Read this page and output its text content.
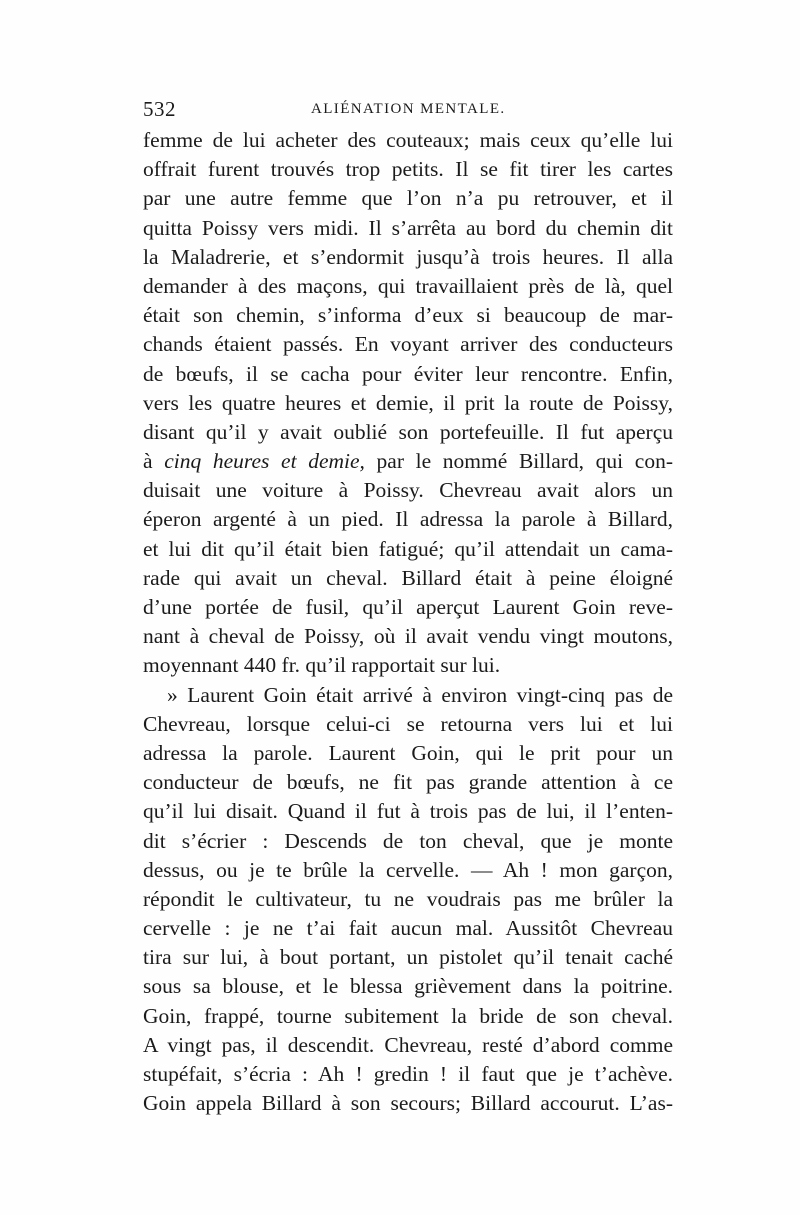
532	ALIÉNATION MENTALE.
femme de lui acheter des couteaux; mais ceux qu’elle lui
offrait furent trouvés trop petits. Il se fit tirer les cartes
par une autre femme que l’on n’a pu retrouver, et il
quitta Poissy vers midi. Il s’arrêta au bord du chemin dit
la Maladrerie, et s’endormit jusqu’à trois heures. Il alla
demander à des maçons, qui travaillaient près de là, quel
était son chemin, s’informa d’eux si beaucoup de mar-
chands étaient passés. En voyant arriver des conducteurs
de bœufs, il se cacha pour éviter leur rencontre. Enfin,
vers les quatre heures et demie, il prit la route de Poissy,
disant qu’il y avait oublié son portefeuille. Il fut aperçu
à cinq heures et demie, par le nommé Billard, qui con-
duisait une voiture à Poissy. Chevreau avait alors un
éperon argenté à un pied. Il adressa la parole à Billard,
et lui dit qu’il était bien fatigué; qu’il attendait un cama-
rade qui avait un cheval. Billard était à peine éloigné
d’une portée de fusil, qu’il aperçut Laurent Goin reve-
nant à cheval de Poissy, où il avait vendu vingt moutons,
moyennant 440 fr. qu’il rapportait sur lui.
» Laurent Goin était arrivé à environ vingt-cinq pas de
Chevreau, lorsque celui-ci se retourna vers lui et lui
adressa la parole. Laurent Goin, qui le prit pour un
conducteur de bœufs, ne fit pas grande attention à ce
qu’il lui disait. Quand il fut à trois pas de lui, il l’enten-
dit s’écrier : Descends de ton cheval, que je monte
dessus, ou je te brûle la cervelle. — Ah ! mon garçon,
répondit le cultivateur, tu ne voudrais pas me brûler la
cervelle : je ne t’ai fait aucun mal. Aussitôt Chevreau
tira sur lui, à bout portant, un pistolet qu’il tenait caché
sous sa blouse, et le blessa grièvement dans la poitrine.
Goin, frappé, tourne subitement la bride de son cheval.
A vingt pas, il descendit. Chevreau, resté d’abord comme
stupéfait, s’écria : Ah ! gredin ! il faut que je t’achève.
Goin appela Billard à son secours; Billard accourut. L’as-
